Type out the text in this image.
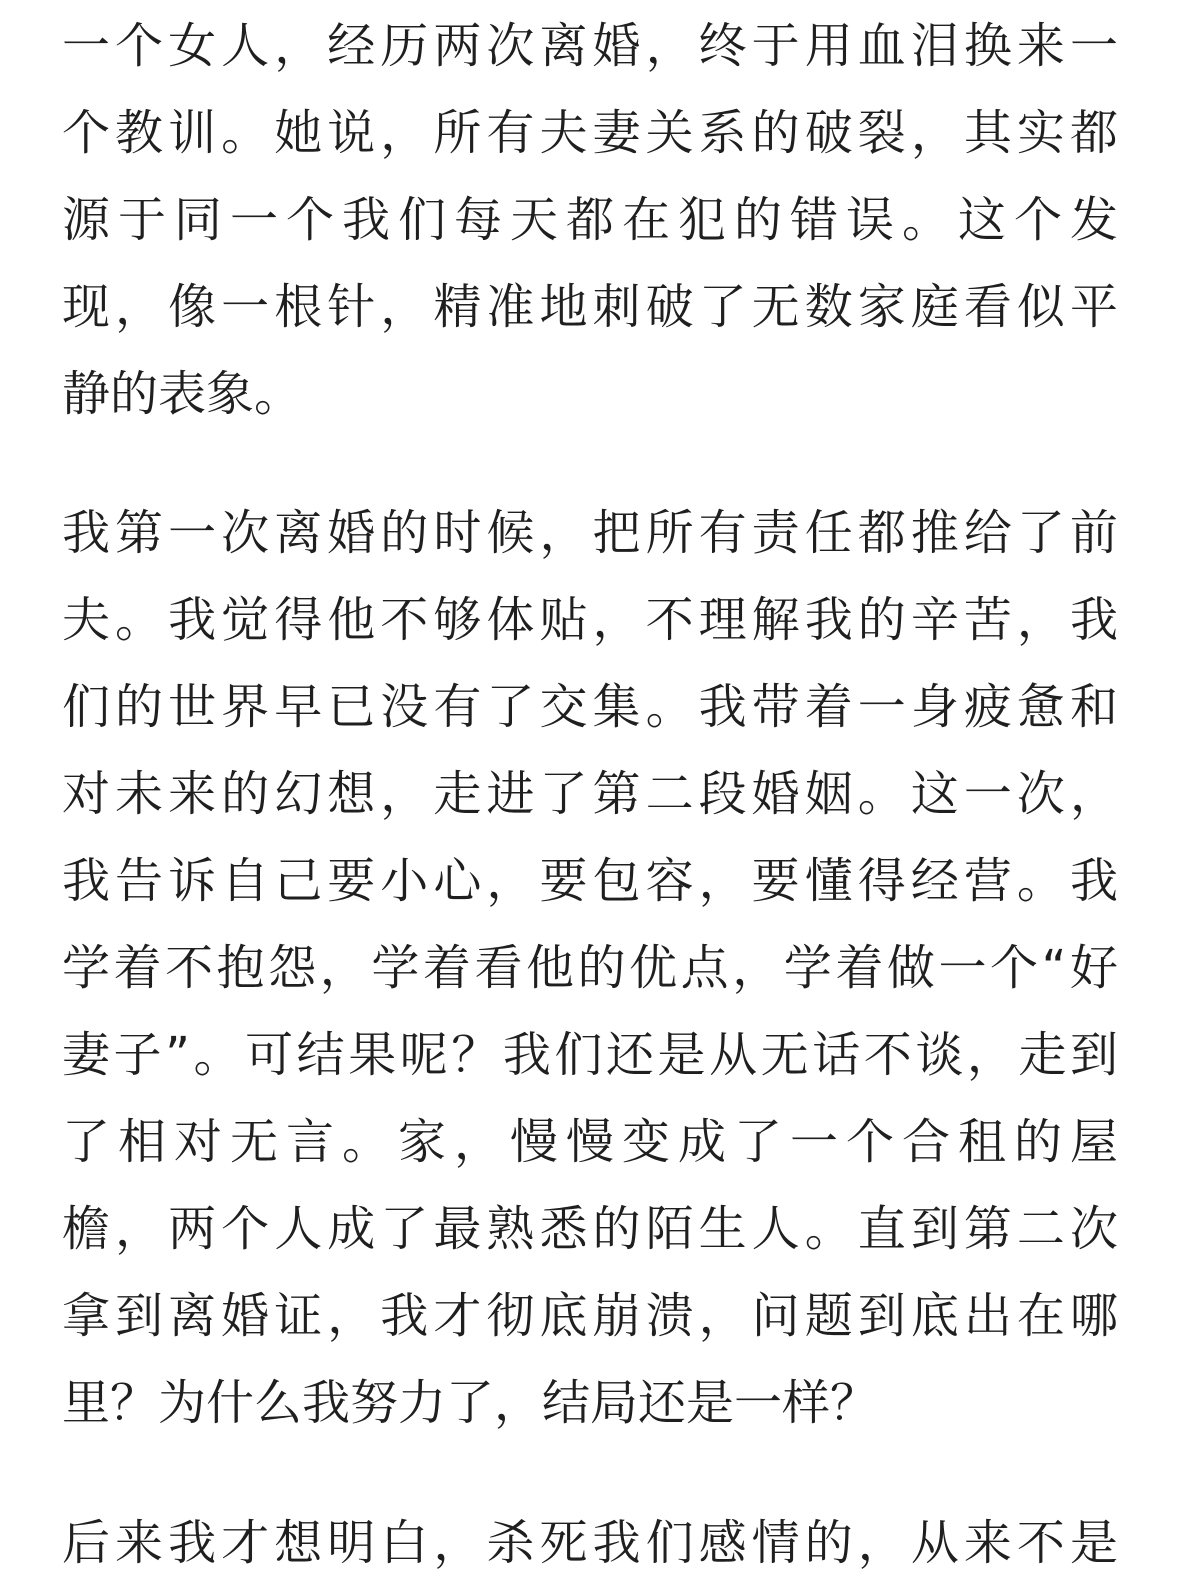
一个女人，经历两次离婚，终于用血泪换来一
个教训。她说，所有夫妻关系的破裂，其实都
源于同一个我们每天都在犯的错误。这个发
现，像一根针，精准地刺破了无数家庭看似平
静的表象。
我第一次离婚的时候，把所有责任都推给了前
夫。我觉得他不够体贴，不理解我的辛苦，我
们的世界早已没有了交集。我带着一身疲惫和
对未来的幻想，走进了第二段婚姻。这一次，
我告诉自己要小心，要包容，要懂得经营。我
学着不抱怨，学着看他的优点，学着做一个“好
妻子”。可结果呢？我们还是从无话不谈，走到
了相对无言。家，慢慢变成了一个合租的屋
檐，两个人成了最熟悉的陌生人。直到第二次
拿到离婚证，我才彻底崩溃，问题到底出在哪
里？为什么我努力了，结局还是一样？
后来我才想明白，杀死我们感情的，从来不是
